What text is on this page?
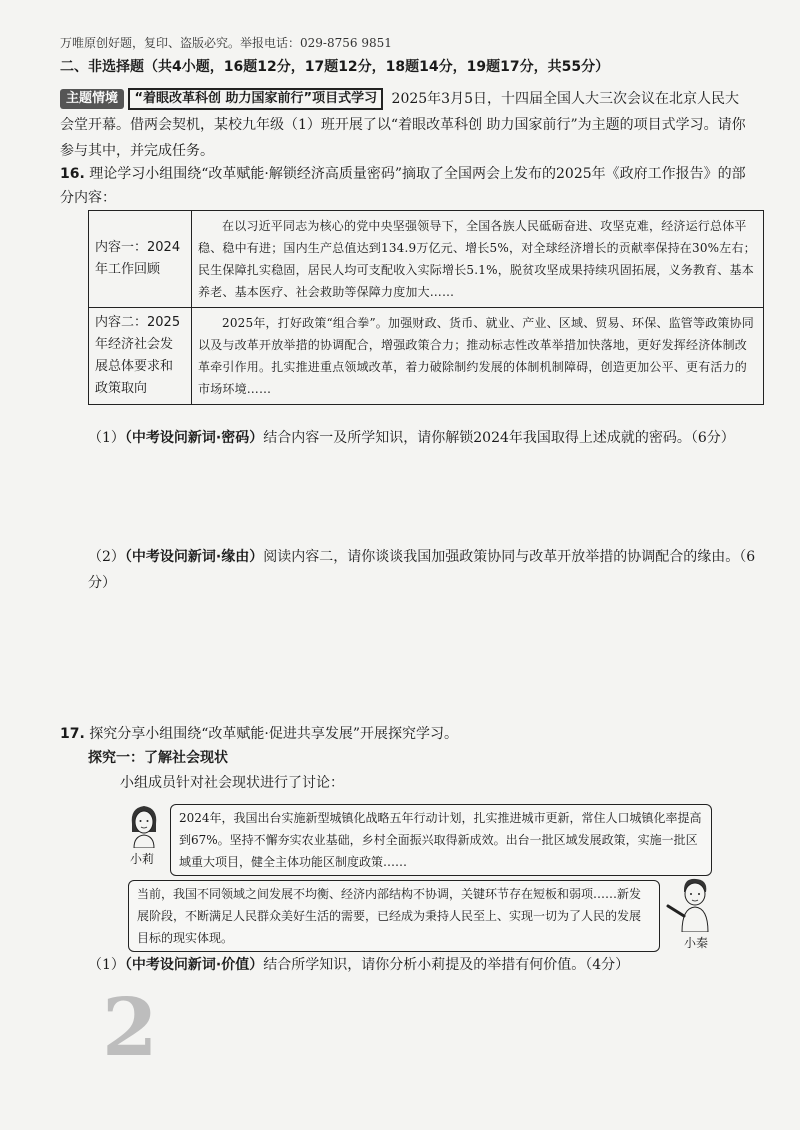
万唯原创好题，复印、盗版必究。举报电话：029-8756 9851
二、非选择题（共4小题，16题12分，17题12分，18题14分，19题17分，共55分）
主题情境 “着眼改革科创 助力国家前行”项目式学习 2025年3月5日，十四届全国人大三次会议在北京人民大会堂开幕。借两会契机，某校九年级（1）班开展了以“着眼改革科创 助力国家前行”为主题的项目式学习。请你参与其中，并完成任务。
16. 理论学习小组围绕“改革赋能·解锁经济高质量密码”摘取了全国两会上发布的2025年《政府工作报告》的部分内容：
内容一：2024年工作回顾	在以习近平同志为核心的党中央坚强领导下，全国各族人民砥砺奋进、攻坚克难，经济运行总体平稳、稳中有进；国内生产总值达到134.9万亿元、增长5%，对全球经济增长的贡献率保持在30%左右；民生保障扎实稳固，居民人均可支配收入实际增长5.1%，脱贫攻坚成果持续巩固拓展，义务教育、基本养老、基本医疗、社会救助等保障力度加大……
内容二：2025年经济社会发展总体要求和政策取向	2025年，打好政策“组合拳”。加强财政、货币、就业、产业、区域、贸易、环保、监管等政策协同以及与改革开放举措的协调配合，增强政策合力；推动标志性改革举措加快落地，更好发挥经济体制改革牵引作用。扎实推进重点领域改革，着力破除制约发展的体制机制障碍，创造更加公平、更有活力的市场环境……
（1）（中考设问新词·密码）结合内容一及所学知识，请你解锁2024年我国取得上述成就的密码。（6分）
（2）（中考设问新词·缘由）阅读内容二，请你谈谈我国加强政策协同与改革开放举措的协调配合的缘由。（6分）
17. 探究分享小组围绕“改革赋能·促进共享发展”开展探究学习。
探究一：了解社会现状
小组成员针对社会现状进行了讨论：
小莉
2024年，我国出台实施新型城镇化战略五年行动计划，扎实推进城市更新，常住人口城镇化率提高到67%。坚持不懈夯实农业基础，乡村全面振兴取得新成效。出台一批区域发展政策，实施一批区域重大项目，健全主体功能区制度政策……
当前，我国不同领域之间发展不均衡、经济内部结构不协调，关键环节存在短板和弱项……新发展阶段，不断满足人民群众美好生活的需要，已经成为秉持人民至上、实现一切为了人民的发展目标的现实体现。	小秦
（1）（中考设问新词·价值）结合所学知识，请你分析小莉提及的举措有何价值。（4分）
2
